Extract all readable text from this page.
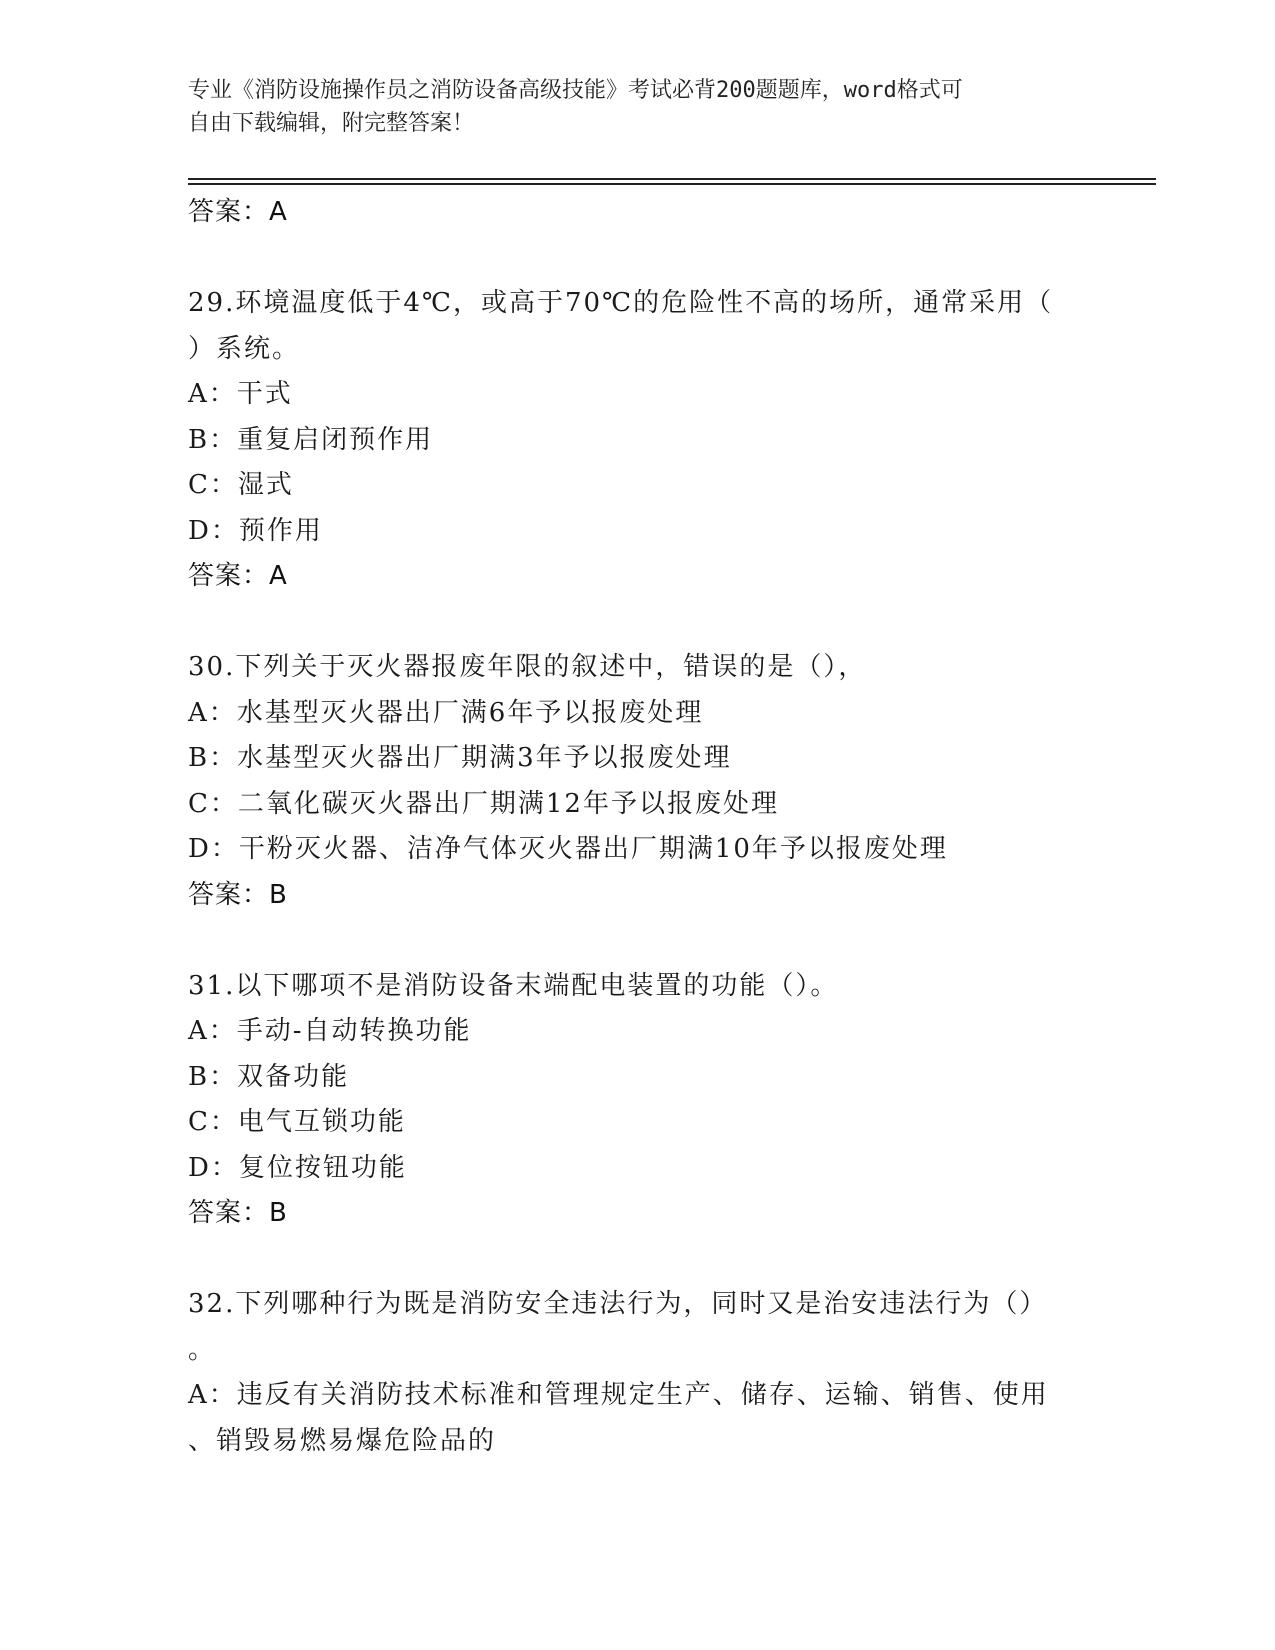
专业《消防设施操作员之消防设备高级技能》考试必背200题题库，word格式可
自由下载编辑，附完整答案！
答案：A
29.环境温度低于4℃，或高于70℃的危险性不高的场所，通常采用（
）系统。
A：干式
B：重复启闭预作用
C：湿式
D：预作用
答案：A
30.下列关于灭火器报废年限的叙述中，错误的是（），
A：水基型灭火器出厂满6年予以报废处理
B：水基型灭火器出厂期满3年予以报废处理
C：二氧化碳灭火器出厂期满12年予以报废处理
D：干粉灭火器、洁净气体灭火器出厂期满10年予以报废处理
答案：B
31.以下哪项不是消防设备末端配电装置的功能（）。
A：手动-自动转换功能
B：双备功能
C：电气互锁功能
D：复位按钮功能
答案：B
32.下列哪种行为既是消防安全违法行为，同时又是治安违法行为（）
。
A：违反有关消防技术标准和管理规定生产、储存、运输、销售、使用
、销毁易燃易爆危险品的
